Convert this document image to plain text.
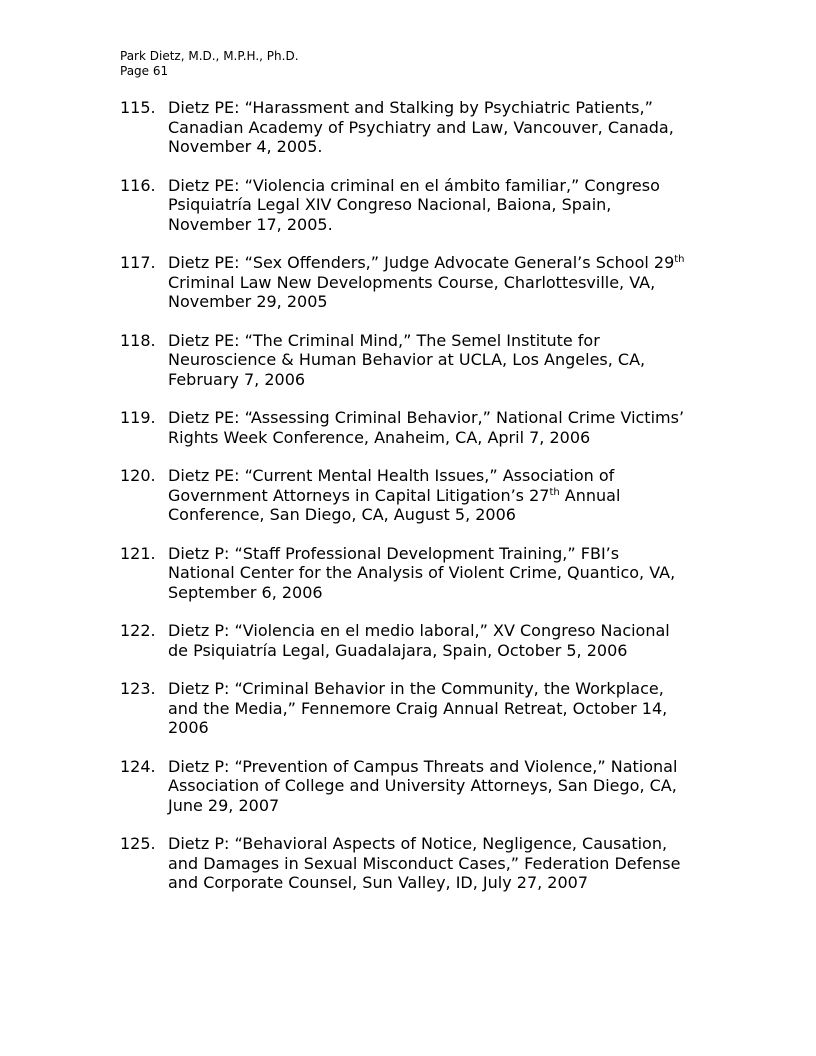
Park Dietz, M.D., M.P.H., Ph.D.
Page 61
115. Dietz PE: “Harassment and Stalking by Psychiatric Patients,”
Canadian Academy of Psychiatry and Law, Vancouver, Canada,
November 4, 2005.
116. Dietz PE: “Violencia criminal en el ámbito familiar,” Congreso
Psiquiatría Legal XIV Congreso Nacional, Baiona, Spain,
November 17, 2005.
117. Dietz PE: “Sex Offenders,” Judge Advocate General’s School 29th
Criminal Law New Developments Course, Charlottesville, VA,
November 29, 2005
118. Dietz PE: “The Criminal Mind,” The Semel Institute for
Neuroscience & Human Behavior at UCLA, Los Angeles, CA,
February 7, 2006
119. Dietz PE: “Assessing Criminal Behavior,” National Crime Victims’
Rights Week Conference, Anaheim, CA, April 7, 2006
120. Dietz PE: “Current Mental Health Issues,” Association of
Government Attorneys in Capital Litigation’s 27th Annual
Conference, San Diego, CA, August 5, 2006
121. Dietz P: “Staff Professional Development Training,” FBI’s
National Center for the Analysis of Violent Crime, Quantico, VA,
September 6, 2006
122. Dietz P: “Violencia en el medio laboral,” XV Congreso Nacional
de Psiquiatría Legal, Guadalajara, Spain, October 5, 2006
123. Dietz P: “Criminal Behavior in the Community, the Workplace,
and the Media,” Fennemore Craig Annual Retreat, October 14,
2006
124. Dietz P: “Prevention of Campus Threats and Violence,” National
Association of College and University Attorneys, San Diego, CA,
June 29, 2007
125. Dietz P: “Behavioral Aspects of Notice, Negligence, Causation,
and Damages in Sexual Misconduct Cases,” Federation Defense
and Corporate Counsel, Sun Valley, ID, July 27, 2007
